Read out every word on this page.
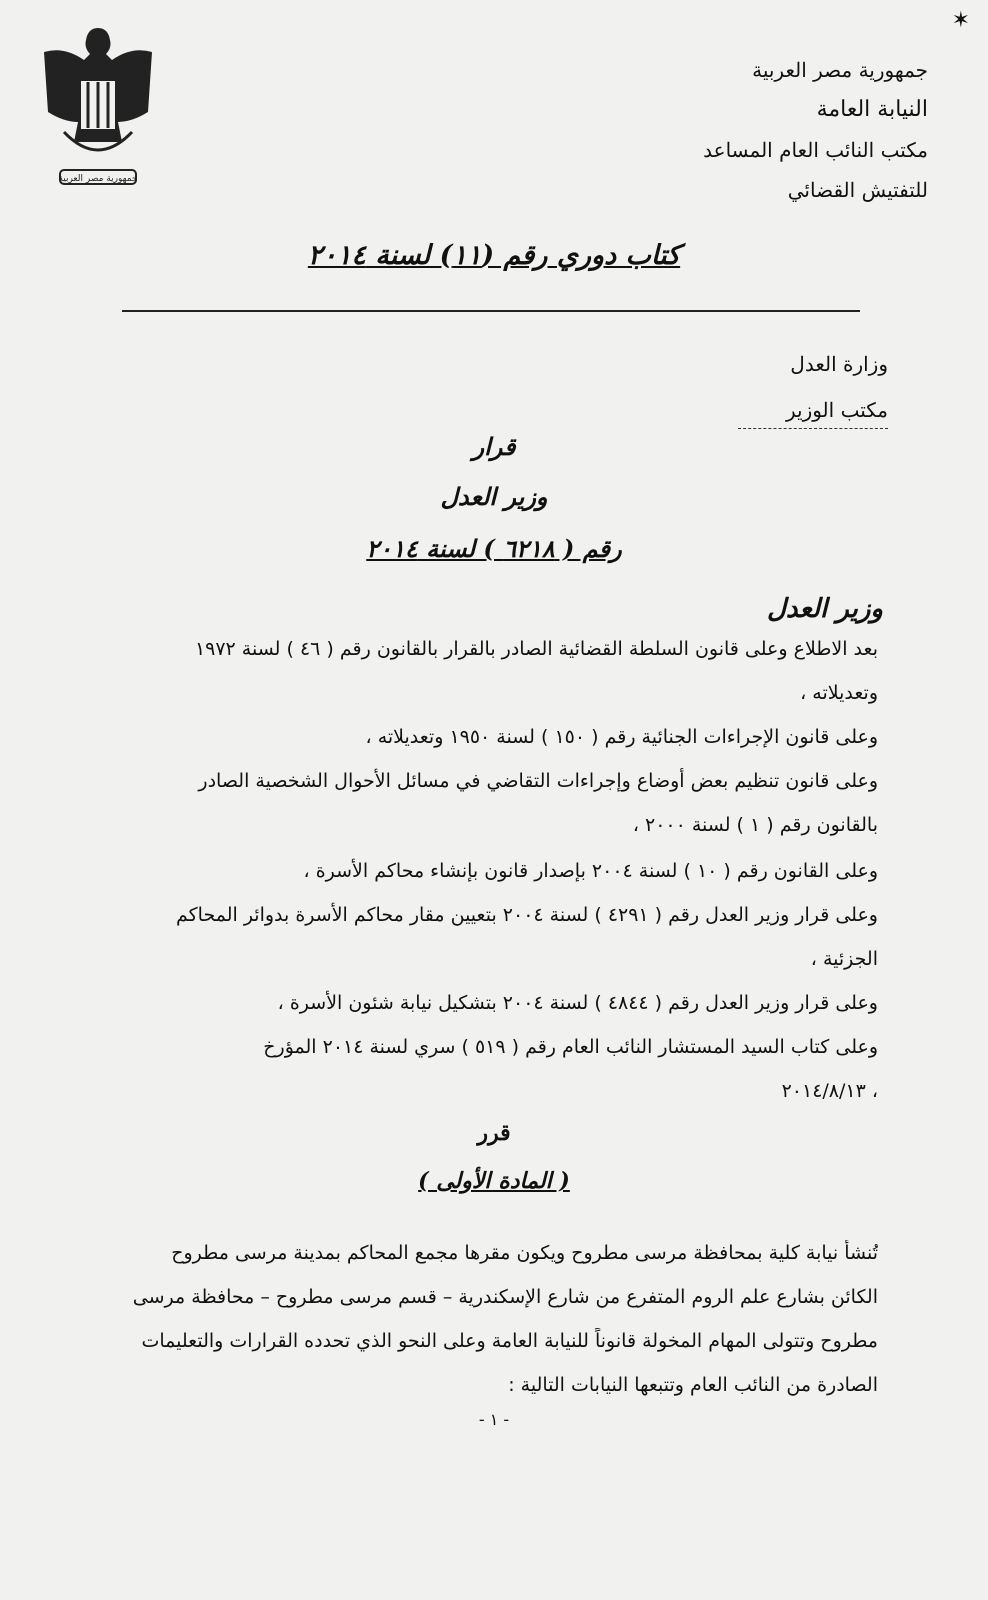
✶
جمهورية مصر العربية
جمهورية مصر العربية
النيابة العامة
مكتب النائب العام المساعد
للتفتيش القضائي
كتاب دوري رقم (١١) لسنة ٢٠١٤
وزارة العدل
مكتب الوزير
قرار
وزير العدل
رقم ( ٦٢١٨ ) لسنة ٢٠١٤
وزير العدل
بعد الاطلاع وعلى قانون السلطة القضائية الصادر بالقرار بالقانون رقم ( ٤٦ ) لسنة ١٩٧٢
وتعديلاته ،
وعلى قانون الإجراءات الجنائية رقم ( ١٥٠ ) لسنة ١٩٥٠ وتعديلاته ،
وعلى قانون تنظيم بعض أوضاع وإجراءات التقاضي في مسائل الأحوال الشخصية الصادر
بالقانون رقم ( ١ ) لسنة ٢٠٠٠ ،
وعلى القانون رقم ( ١٠ ) لسنة ٢٠٠٤ بإصدار قانون بإنشاء محاكم الأسرة ،
وعلى قرار وزير العدل رقم ( ٤٢٩١ ) لسنة ٢٠٠٤ بتعيين مقار محاكم الأسرة بدوائر المحاكم
الجزئية ،
وعلى قرار وزير العدل رقم ( ٤٨٤٤ ) لسنة ٢٠٠٤ بتشكيل نيابة شئون الأسرة ،
وعلى كتاب السيد المستشار النائب العام رقم ( ٥١٩ ) سري لسنة ٢٠١٤ المؤرخ
٢٠١٤/٨/١٣ ،
قرر
( المادة الأولى )
تُنشأ نيابة كلية بمحافظة مرسى مطروح ويكون مقرها مجمع المحاكم بمدينة مرسى مطروح
الكائن بشارع علم الروم المتفرع من شارع الإسكندرية – قسم مرسى مطروح – محافظة مرسى
مطروح وتتولى المهام المخولة قانوناً للنيابة العامة وعلى النحو الذي تحدده القرارات والتعليمات
الصادرة من النائب العام وتتبعها النيابات التالية :
- ١ -
